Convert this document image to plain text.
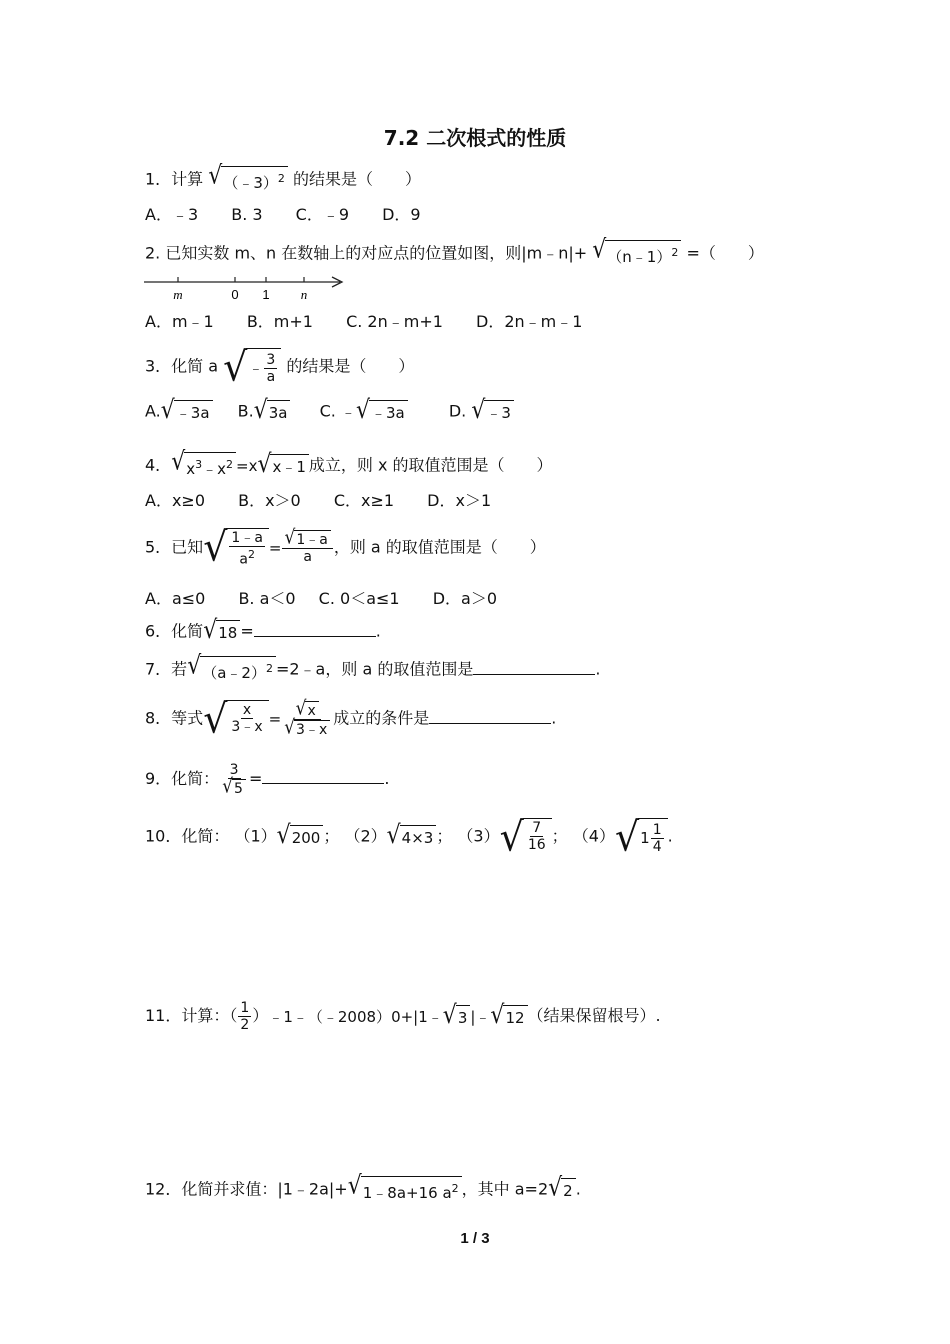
7.2 二次根式的性质
1．计算 √ （﹣3）$^2$ 的结果是（　　）
A．﹣3 B. 3 C．﹣9 D．9
2. 已知实数 m、n 在数轴上的对应点的位置如图，则|m﹣n|+ √ （n﹣1）$^2$ =（　　）
m	0 1 n
A．m﹣1 B．m+1 C. 2n﹣m+1 D．2n﹣m﹣1
3．化简 a √ ﹣ $\frac{3}{a}$ 的结果是（　　）
A. √ ﹣3a B. √ 3a C. ﹣ √ ﹣3a	D. √ ﹣3
4． √ $x^3﹣x^2 =x$ √ x﹣1 成立，则 x 的取值范围是（　　）
A．x≥0 B．x＞0 C．x≥1 D．x＞1
5．已知 √ $\frac{1﹣a}{a^2} = \frac{√ 1﹣a}{a}$ ，则 a 的取值范围是（　　）
A．a≤0 B. a＜0 C. 0＜a≤1 D．a＞0
6．化简 √ 18 =	.
7．若 √ （a﹣2）$^2$ =2﹣a，则 a 的取值范围是	.
8．等式 √ $\frac{x}{3﹣x} = \frac{√ x}{√ 3﹣x}$ 成立的条件是	.
9．化简： $\frac{3}{√ 5}$ =	.
10．化简： （1） √ 200 ； （2） √ 4×3 ； （3） √ $\frac{7}{16}$ ； （4） √ $1 \frac{1}{4}$ .
11．计算：（ $\frac{1}{2}$ ）﹣1﹣（﹣2008）0+|1﹣ √ 3 |﹣ √ 12 （结果保留根号）.
12．化简并求值：|1﹣2a|+ √ 1﹣8a+16 $a^2$ ，其中 a=2 √ 2 .
1 / 3
